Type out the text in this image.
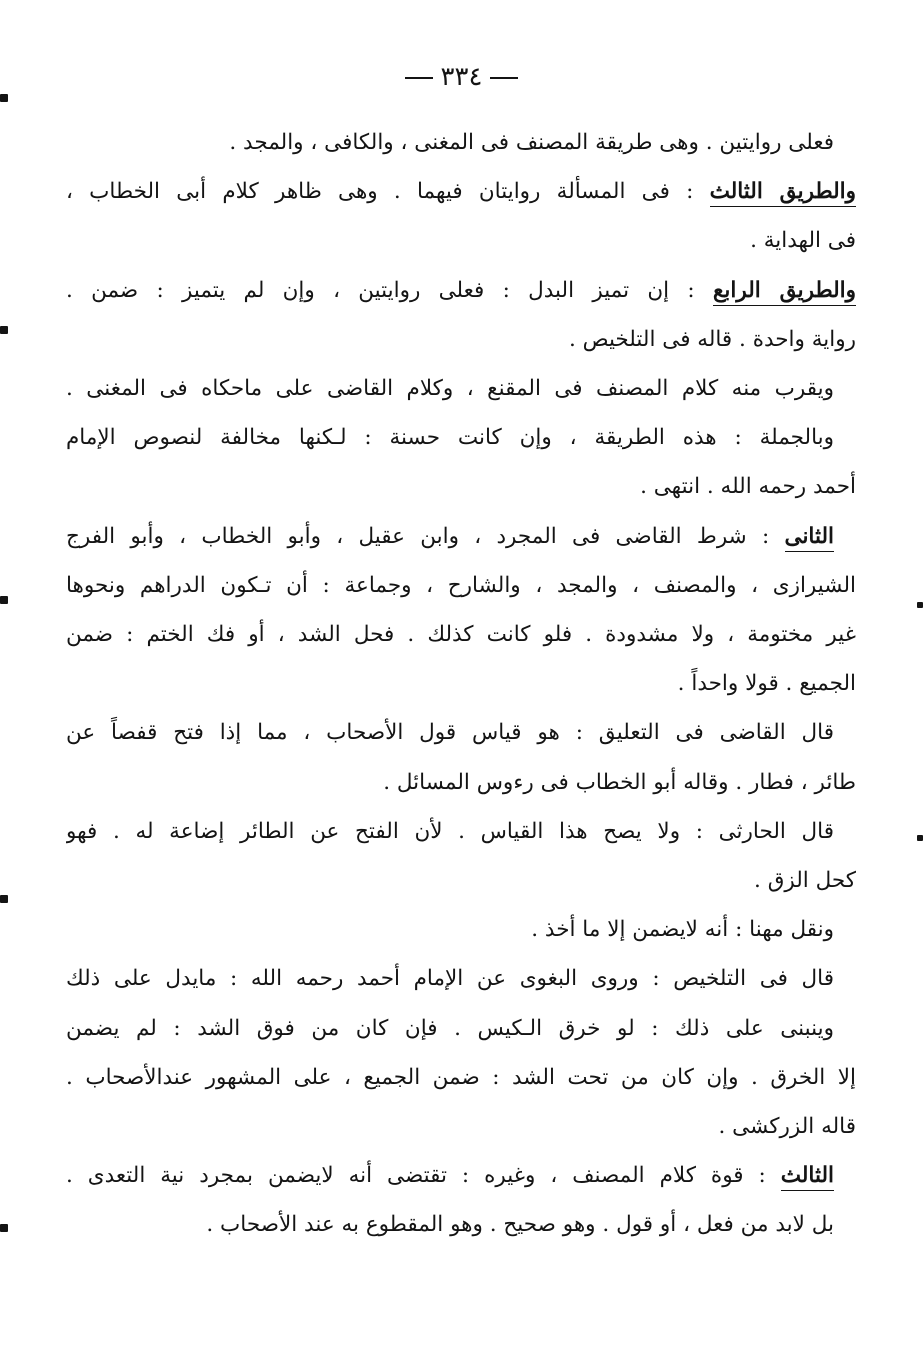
٣٣٤
فعلى روايتين . وهى طريقة المصنف فى المغنى ، والكافى ، والمجد .
والطريق الثالث : فى المسألة روايتان فيهما . وهى ظاهر كلام أبى الخطاب ،
فى الهداية .
والطريق الرابع : إن تميز البدل : فعلى روايتين ، وإن لم يتميز : ضمن .
رواية واحدة . قاله فى التلخيص .
ويقرب منه كلام المصنف فى المقنع ، وكلام القاضى على ماحكاه فى المغنى .
وبالجملة : هذه الطريقة ، وإن كانت حسنة : لـكنها مخالفة لنصوص الإمام
أحمد رحمه الله . انتهى .
الثانى : شرط القاضى فى المجرد ، وابن عقيل ، وأبو الخطاب ، وأبو الفرج
الشيرازى ، والمصنف ، والمجد ، والشارح ، وجماعة : أن تـكون الدراهم ونحوها
غير مختومة ، ولا مشدودة . فلو كانت كذلك . فحل الشد ، أو فك الختم : ضمن
الجميع . قولا واحداً .
قال القاضى فى التعليق : هو قياس قول الأصحاب ، مما إذا فتح قفصاً عن
طائر ، فطار . وقاله أبو الخطاب فى رءوس المسائل .
قال الحارثى : ولا يصح هذا القياس . لأن الفتح عن الطائر إضاعة له . فهو
كحل الزق .
ونقل مهنا : أنه لايضمن إلا ما أخذ .
قال فى التلخيص : وروى البغوى عن الإمام أحمد رحمه الله : مايدل على ذلك
وينبنى على ذلك : لو خرق الـكيس . فإن كان من فوق الشد : لم يضمن
إلا الخرق . وإن كان من تحت الشد : ضمن الجميع ، على المشهور عندالأصحاب .
قاله الزركشى .
الثالث : قوة كلام المصنف ، وغيره : تقتضى أنه لايضمن بمجرد نية التعدى .
بل لابد من فعل ، أو قول . وهو صحيح . وهو المقطوع به عند الأصحاب .
